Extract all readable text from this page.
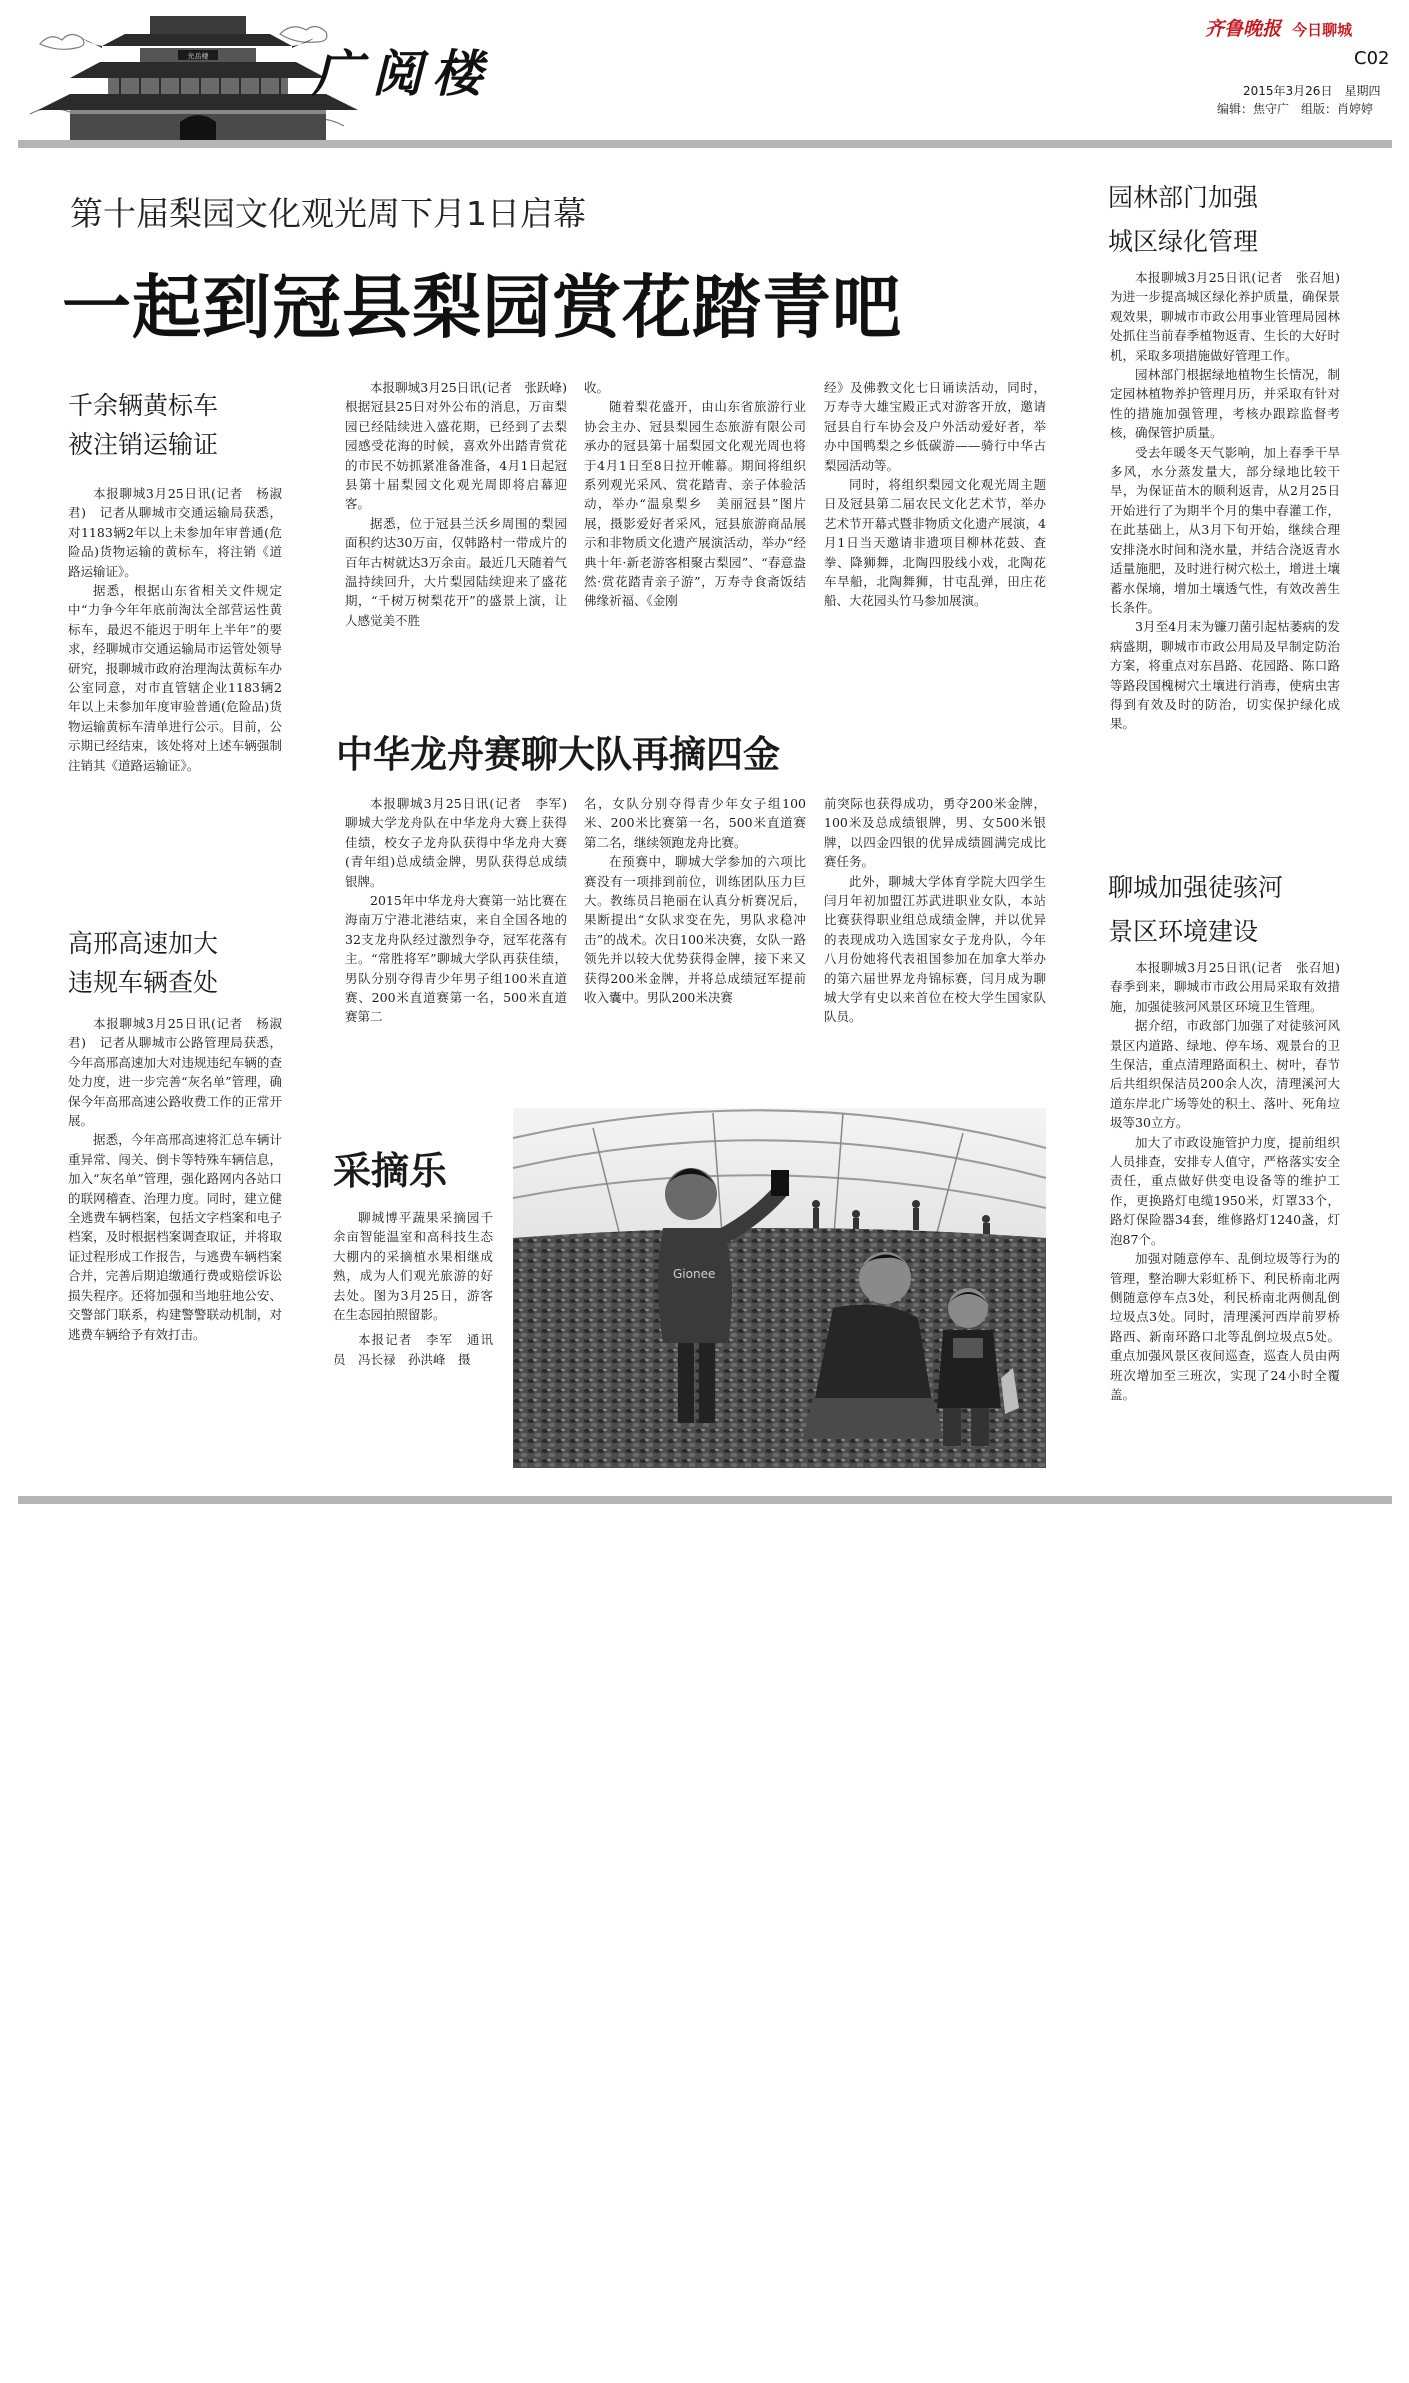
光岳楼 广阅楼
齐鲁晚报 今日聊城
C02
2015年3月26日　星期四
编辑：焦守广　组版：肖婷婷
第十届梨园文化观光周下月1日启幕
一起到冠县梨园赏花踏青吧

本报聊城3月25日讯(记者　张跃峰)　根据冠县25日对外公布的消息，万亩梨园已经陆续进入盛花期，已经到了去梨园感受花海的时候，喜欢外出踏青赏花的市民不妨抓紧准备准备，4月1日起冠县第十届梨园文化观光周即将启幕迎客。

据悉，位于冠县兰沃乡周围的梨园面积约达30万亩，仅韩路村一带成片的百年古树就达3万余亩。最近几天随着气温持续回升，大片梨园陆续迎来了盛花期，“千树万树梨花开”的盛景上演，让人感觉美不胜

收。

随着梨花盛开，由山东省旅游行业协会主办、冠县梨园生态旅游有限公司承办的冠县第十届梨园文化观光周也将于4月1日至8日拉开帷幕。期间将组织系列观光采风、赏花踏青、亲子体验活动，举办“温泉梨乡　美丽冠县”图片展，摄影爱好者采风，冠县旅游商品展示和非物质文化遗产展演活动，举办“经典十年·新老游客相聚古梨园”、“春意盎然·赏花踏青亲子游”，万寿寺食斋饭结佛缘祈福、《金刚

经》及佛教文化七日诵读活动，同时，万寿寺大雄宝殿正式对游客开放，邀请冠县自行车协会及户外活动爱好者，举办中国鸭梨之乡低碳游——骑行中华古梨园活动等。

同时，将组织梨园文化观光周主题日及冠县第二届农民文化艺术节，举办艺术节开幕式暨非物质文化遗产展演，4月1日当天邀请非遗项目柳林花鼓、査拳、降狮舞，北陶四股线小戏，北陶花车旱船，北陶舞狮，甘屯乱弹，田庄花船、大花园头竹马参加展演。

千余辆黄标车
被注销运输证

本报聊城3月25日讯(记者　杨淑君)　记者从聊城市交通运输局获悉，对1183辆2年以上未参加年审普通(危险品)货物运输的黄标车，将注销《道路运输证》。

据悉，根据山东省相关文件规定中“力争今年年底前淘汰全部营运性黄标车，最迟不能迟于明年上半年”的要求，经聊城市交通运输局市运管处领导研究，报聊城市政府治理淘汰黄标车办公室同意，对市直管辖企业1183辆2年以上未参加年度审验普通(危险品)货物运输黄标车清单进行公示。目前，公示期已经结束，该处将对上述车辆强制注销其《道路运输证》。

高邢高速加大
违规车辆查处

本报聊城3月25日讯(记者　杨淑君)　记者从聊城市公路管理局获悉，今年高邢高速加大对违规违纪车辆的查处力度，进一步完善“灰名单”管理，确保今年高邢高速公路收费工作的正常开展。

据悉，今年高邢高速将汇总车辆计重异常、闯关、倒卡等特殊车辆信息，加入“灰名单”管理，强化路网内各站口的联网稽查、治理力度。同时，建立健全逃费车辆档案，包括文字档案和电子档案，及时根据档案调查取证，并将取证过程形成工作报告，与逃费车辆档案合并，完善后期追缴通行费或赔偿诉讼损失程序。还将加强和当地驻地公安、交警部门联系，构建警警联动机制，对逃费车辆给予有效打击。

中华龙舟赛聊大队再摘四金

本报聊城3月25日讯(记者　李军)　聊城大学龙舟队在中华龙舟大赛上获得佳绩，校女子龙舟队获得中华龙舟大赛(青年组)总成绩金牌，男队获得总成绩银牌。

2015年中华龙舟大赛第一站比赛在海南万宁港北港结束，来自全国各地的32支龙舟队经过激烈争夺，冠军花落有主。“常胜将军”聊城大学队再获佳绩，男队分别夺得青少年男子组100米直道赛、200米直道赛第一名，500米直道赛第二

名，女队分别夺得青少年女子组100米、200米比赛第一名，500米直道赛第二名，继续领跑龙舟比赛。

在预赛中，聊城大学参加的六项比赛没有一项排到前位，训练团队压力巨大。教练员吕艳丽在认真分析赛况后，果断提出“女队求变在先，男队求稳冲击”的战术。次日100米决赛，女队一路领先并以较大优势获得金牌，接下来又获得200米金牌，并将总成绩冠军提前收入囊中。男队200米决赛

前突际也获得成功，勇夺200米金牌，100米及总成绩银牌，男、女500米银牌，以四金四银的优异成绩圆满完成比赛任务。

此外，聊城大学体育学院大四学生闫月年初加盟江苏武进职业女队，本站比赛获得职业组总成绩金牌，并以优异的表现成功入选国家女子龙舟队，今年八月份她将代表祖国参加在加拿大举办的第六届世界龙舟锦标赛，闫月成为聊城大学有史以来首位在校大学生国家队队员。

采摘乐

聊城博平蔬果采摘园千余亩智能温室和高科技生态大棚内的采摘植水果相继成熟，成为人们观光旅游的好去处。图为3月25日，游客在生态园拍照留影。

本报记者　李军　通讯员　冯长禄　孙洪峰　摄

Gionee
园林部门加强
城区绿化管理

本报聊城3月25日讯(记者　张召旭)　为进一步提高城区绿化养护质量，确保景观效果，聊城市市政公用事业管理局园林处抓住当前春季植物返青、生长的大好时机，采取多项措施做好管理工作。

园林部门根据绿地植物生长情况，制定园林植物养护管理月历，并采取有针对性的措施加强管理，考核办跟踪监督考核，确保管护质量。

受去年暖冬天气影响，加上春季干旱多风，水分蒸发量大，部分绿地比较干旱，为保证苗木的顺利返青，从2月25日开始进行了为期半个月的集中春灌工作，在此基础上，从3月下旬开始，继续合理安排浇水时间和浇水量，并结合浇返青水适量施肥，及时进行树穴松土，增进土壤蓄水保墒，增加土壤透气性，有效改善生长条件。

3月至4月末为镰刀菌引起枯萎病的发病盛期，聊城市市政公用局及早制定防治方案，将重点对东昌路、花园路、陈口路等路段国槐树穴土壤进行消毒，使病虫害得到有效及时的防治，切实保护绿化成果。

聊城加强徒骇河
景区环境建设

本报聊城3月25日讯(记者　张召旭)　春季到来，聊城市市政公用局采取有效措施，加强徒骇河风景区环境卫生管理。

据介绍，市政部门加强了对徒骇河风景区内道路、绿地、停车场、观景台的卫生保洁，重点清理路面积土、树叶，春节后共组织保洁员200余人次，清理溪河大道东岸北广场等处的积土、落叶、死角垃圾等30立方。

加大了市政设施管护力度，提前组织人员排查，安排专人值守，严格落实安全责任，重点做好供变电设备等的维护工作，更换路灯电缆1950米，灯罩33个，路灯保险器34套，维修路灯1240盏，灯泡87个。

加强对随意停车、乱倒垃圾等行为的管理，整治聊大彩虹桥下、利民桥南北两侧随意停车点3处，利民桥南北两侧乱倒垃圾点3处。同时，清理溪河西岸前罗桥路西、新南环路口北等乱倒垃圾点5处。重点加强风景区夜间巡查，巡查人员由两班次增加至三班次，实现了24小时全覆盖。
